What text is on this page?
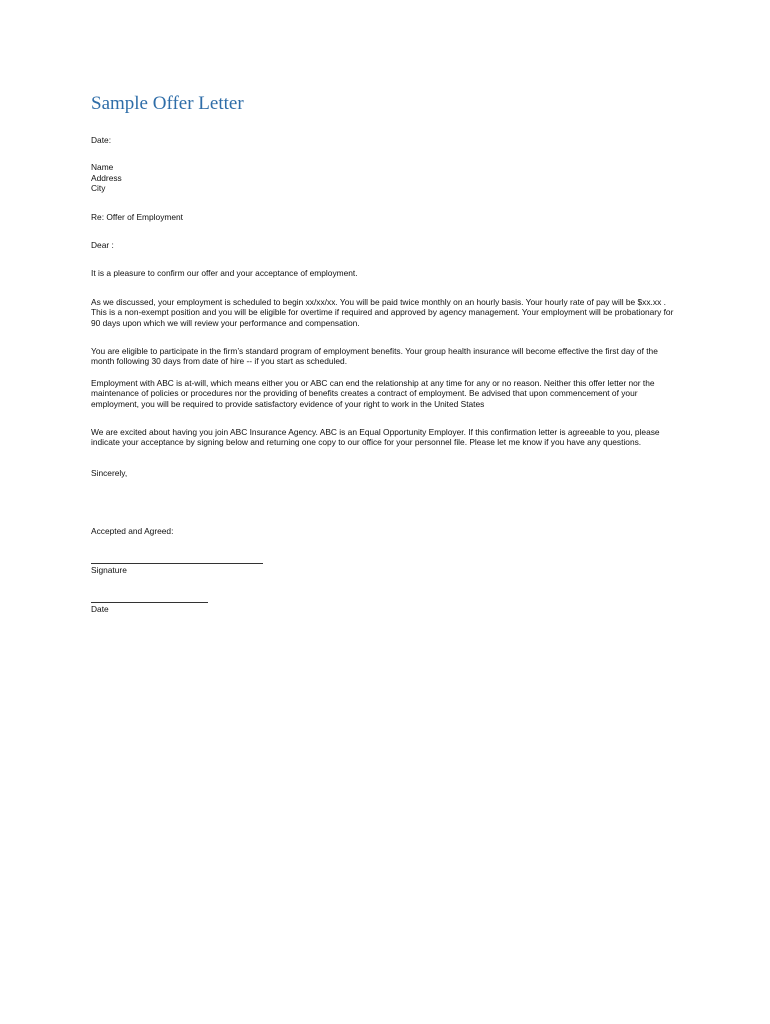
Sample Offer Letter
Date:
Name
Address
City
Re: Offer of Employment
Dear :

It is a pleasure to confirm our offer and your acceptance of employment.

As we discussed, your employment is scheduled to begin xx/xx/xx. You will be paid twice monthly on an hourly basis. Your hourly rate of pay will be $xx.xx . This is a non-exempt position and you will be eligible for overtime if required and approved by agency management. Your employment will be probationary for 90 days upon which we will review your performance and compensation.

You are eligible to participate in the firm’s standard program of employment benefits. Your group health insurance will become effective the first day of the month following 30 days from date of hire -- if you start as scheduled.

Employment with ABC is at-will, which means either you or ABC can end the relationship at any time for any or no reason. Neither this offer letter nor the maintenance of policies or procedures nor the providing of benefits creates a contract of employment. Be advised that upon commencement of your employment, you will be required to provide satisfactory evidence of your right to work in the United States

We are excited about having you join ABC Insurance Agency. ABC is an Equal Opportunity Employer. If this confirmation letter is agreeable to you, please indicate your acceptance by signing below and returning one copy to our office for your personnel file. Please let me know if you have any questions.

Sincerely,
Accepted and Agreed:
Signature
Date
